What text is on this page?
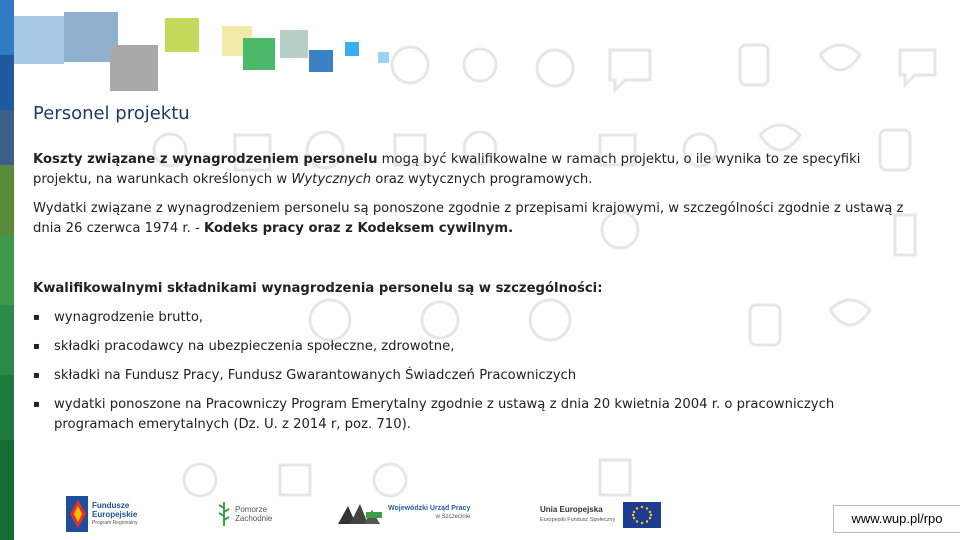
Personel projektu

Koszty związane z wynagrodzeniem personelu mogą być kwalifikowalne w ramach projektu, o ile wynika to ze specyfiki projektu, na warunkach określonych w Wytycznych oraz wytycznych programowych.

Wydatki związane z wynagrodzeniem personelu są ponoszone zgodnie z przepisami krajowymi, w szczególności zgodnie z ustawą z dnia 26 czerwca 1974 r. - Kodeks pracy oraz z Kodeksem cywilnym.

Kwalifikowalnymi składnikami wynagrodzenia personelu są w szczególności:

▪ wynagrodzenie brutto,
▪ składki pracodawcy na ubezpieczenia społeczne, zdrowotne,
▪ składki na Fundusz Pracy, Fundusz Gwarantowanych Świadczeń Pracowniczych
▪ wydatki ponoszone na Pracowniczy Program Emerytalny zgodnie z ustawą z dnia 20 kwietnia 2004 r. o pracowniczych programach emerytalnych (Dz. U. z 2014 r, poz. 710).
Fundusze
Europejskie
Program Regionalny
Pomorze
Zachodnie
Wojewódzki Urząd Pracy
w Szczecinie
Unia Europejska
Europejski Fundusz Społeczny	www.wup.pl/rpo
